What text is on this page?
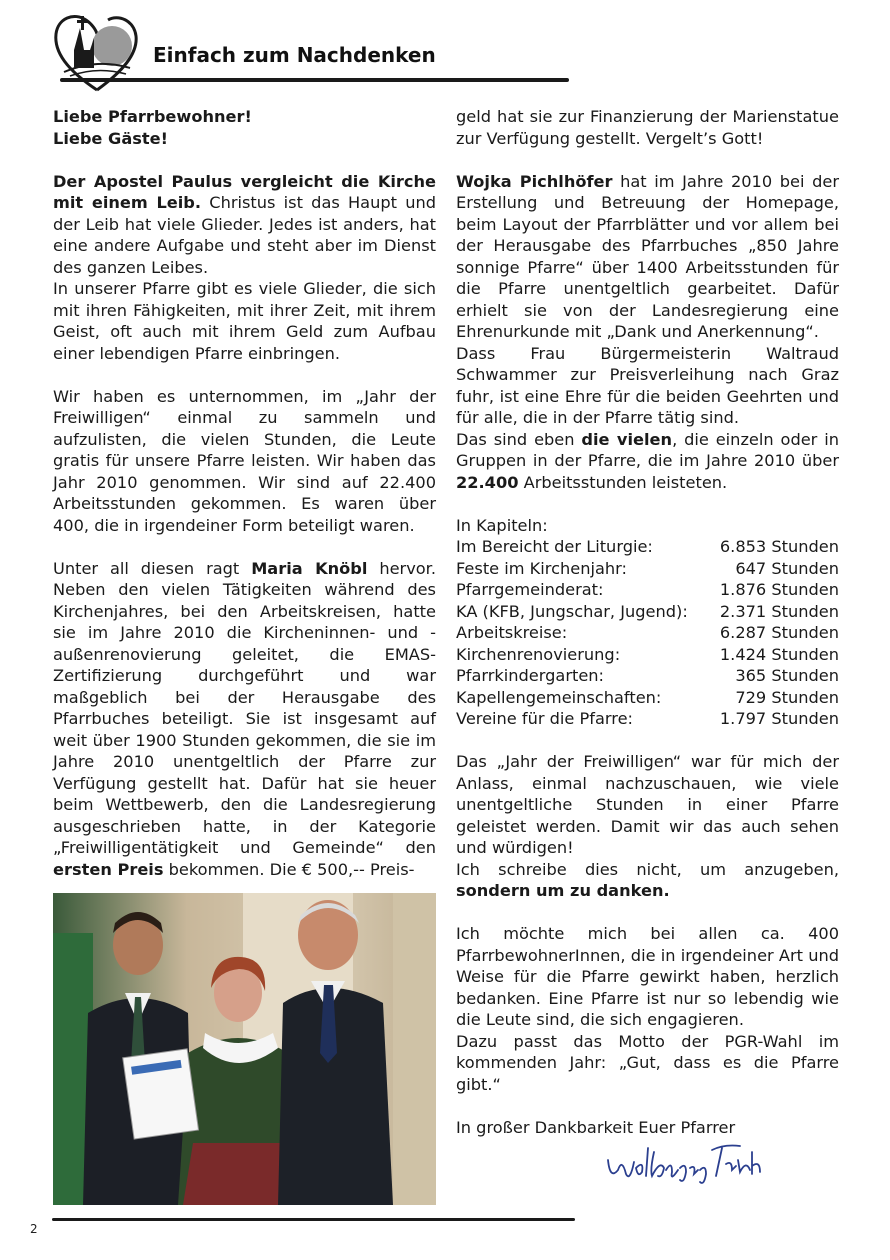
Einfach zum Nachdenken

Liebe Pfarrbewohner!
Liebe Gäste!

Der Apostel Paulus vergleicht die Kirche mit einem Leib. Christus ist das Haupt und der Leib hat viele Glieder. Jedes ist anders, hat eine andere Aufgabe und steht aber im Dienst des ganzen Leibes.

In unserer Pfarre gibt es viele Glieder, die sich mit ihren Fähigkeiten, mit ihrer Zeit, mit ihrem Geist, oft auch mit ihrem Geld zum Aufbau einer lebendigen Pfarre einbringen.

Wir haben es unternommen, im „Jahr der Freiwilligen“ einmal zu sammeln und aufzulisten, die vielen Stunden, die Leute gratis für unsere Pfarre leisten. Wir haben das Jahr 2010 genommen. Wir sind auf 22.400 Arbeitsstunden gekommen. Es waren über 400, die in irgendeiner Form beteiligt waren.

Unter all diesen ragt Maria Knöbl hervor. Neben den vielen Tätigkeiten während des Kirchenjahres, bei den Arbeitskreisen, hatte sie im Jahre 2010 die Kircheninnen- und - außenrenovierung geleitet, die EMAS-Zertifizierung durchgeführt und war maßgeblich bei der Herausgabe des Pfarrbuches beteiligt. Sie ist insgesamt auf weit über 1900 Stunden gekommen, die sie im Jahre 2010 unentgeltlich der Pfarre zur Verfügung gestellt hat. Dafür hat sie heuer beim Wettbewerb, den die Landesregierung ausgeschrieben hatte, in der Kategorie „Freiwilligentätigkeit und Gemeinde“ den ersten Preis bekommen. Die € 500,-- Preis-

geld hat sie zur Finanzierung der Marienstatue zur Verfügung gestellt. Vergelt’s Gott!

Wojka Pichlhöfer hat im Jahre 2010 bei der Erstellung und Betreuung der Homepage, beim Layout der Pfarrblätter und vor allem bei der Herausgabe des Pfarrbuches „850 Jahre sonnige Pfarre“ über 1400 Arbeitsstunden für die Pfarre unentgeltlich gearbeitet. Dafür erhielt sie von der Landesregierung eine Ehrenurkunde mit „Dank und Anerkennung“.

Dass Frau Bürgermeisterin Waltraud Schwammer zur Preisverleihung nach Graz fuhr, ist eine Ehre für die beiden Geehrten und für alle, die in der Pfarre tätig sind.

Das sind eben die vielen, die einzeln oder in Gruppen in der Pfarre, die im Jahre 2010 über 22.400 Arbeitsstunden leisteten.

In Kapiteln:
Im Bereicht der Liturgie:	6.853 Stunden
Feste im Kirchenjahr:	647 Stunden
Pfarrgemeinderat:	1.876 Stunden
KA (KFB, Jungschar, Jugend): 2.371 Stunden
Arbeitskreise:	6.287 Stunden
Kirchenrenovierung:	1.424 Stunden
Pfarrkindergarten:	365 Stunden
Kapellengemeinschaften:	729 Stunden
Vereine für die Pfarre:	1.797 Stunden

Das „Jahr der Freiwilligen“ war für mich der Anlass, einmal nachzuschauen, wie viele unentgeltliche Stunden in einer Pfarre geleistet werden. Damit wir das auch sehen und würdigen!

Ich schreibe dies nicht, um anzugeben, sondern um zu danken.

Ich möchte mich bei allen ca. 400 PfarrbewohnerInnen, die in irgendeiner Art und Weise für die Pfarre gewirkt haben, herzlich bedanken. Eine Pfarre ist nur so lebendig wie die Leute sind, die sich engagieren.

Dazu passt das Motto der PGR-Wahl im kommenden Jahr: „Gut, dass es die Pfarre gibt.“

In großer Dankbarkeit Euer Pfarrer

2
